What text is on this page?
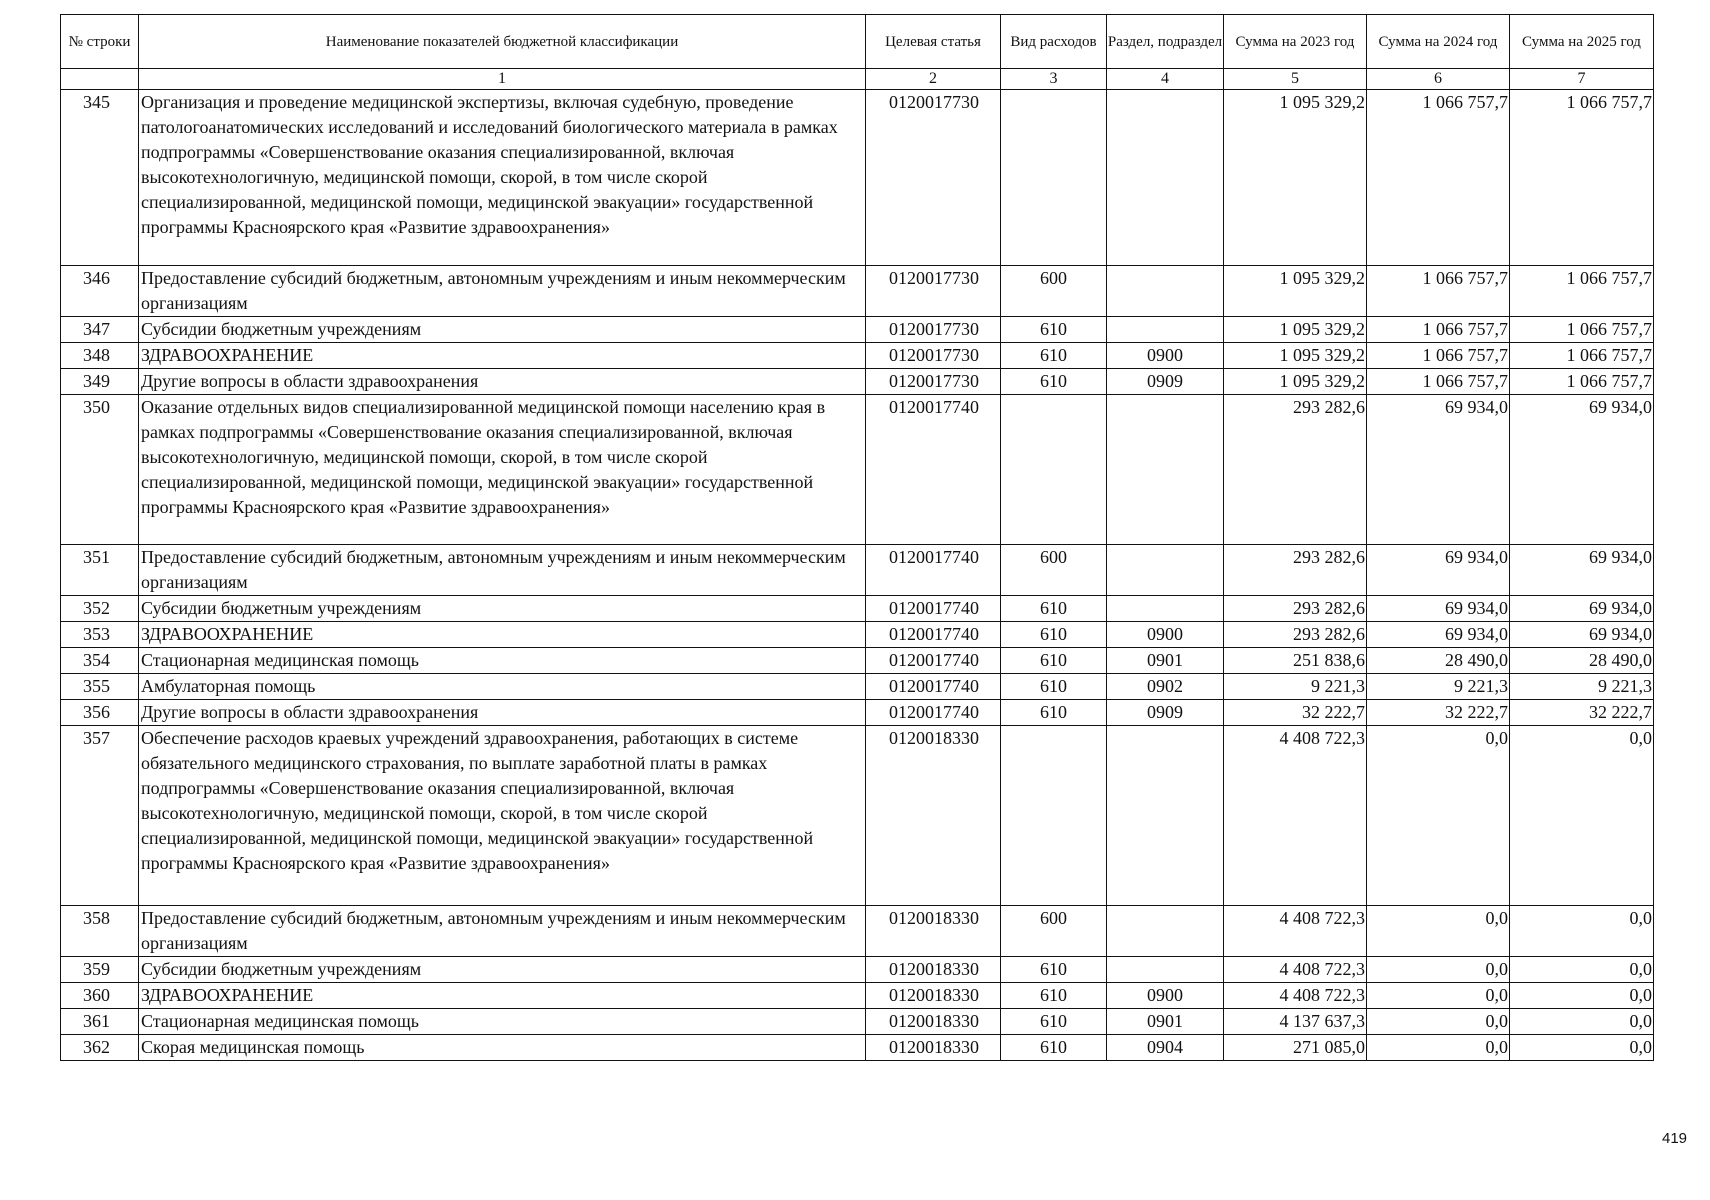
№ строки	Наименование показателей бюджетной классификации	Целевая статья	Вид расходов	Раздел, подраздел	Сумма на 2023 год	Сумма на 2024 год	Сумма на 2025 год
	1	2	3	4	5	6	7
345	Организация и проведение медицинской экспертизы, включая судебную, проведение патологоанатомических исследований и исследований биологического материала в рамках подпрограммы «Совершенствование оказания специализированной, включая высокотехнологичную, медицинской помощи, скорой, в том числе скорой специализированной, медицинской помощи, медицинской эвакуации» государственной программы Красноярского края «Развитие здравоохранения»	0120017730			1 095 329,2	1 066 757,7	1 066 757,7
346	Предоставление субсидий бюджетным, автономным учреждениям и иным некоммерческим организациям	0120017730	600		1 095 329,2	1 066 757,7	1 066 757,7
347	Субсидии бюджетным учреждениям	0120017730	610		1 095 329,2	1 066 757,7	1 066 757,7
348	ЗДРАВООХРАНЕНИЕ	0120017730	610	0900	1 095 329,2	1 066 757,7	1 066 757,7
349	Другие вопросы в области здравоохранения	0120017730	610	0909	1 095 329,2	1 066 757,7	1 066 757,7
350	Оказание отдельных видов специализированной медицинской помощи населению края в рамках подпрограммы «Совершенствование оказания специализированной, включая высокотехнологичную, медицинской помощи, скорой, в том числе скорой специализированной, медицинской помощи, медицинской эвакуации» государственной программы Красноярского края «Развитие здравоохранения»	0120017740			293 282,6	69 934,0	69 934,0
351	Предоставление субсидий бюджетным, автономным учреждениям и иным некоммерческим организациям	0120017740	600		293 282,6	69 934,0	69 934,0
352	Субсидии бюджетным учреждениям	0120017740	610		293 282,6	69 934,0	69 934,0
353	ЗДРАВООХРАНЕНИЕ	0120017740	610	0900	293 282,6	69 934,0	69 934,0
354	Стационарная медицинская помощь	0120017740	610	0901	251 838,6	28 490,0	28 490,0
355	Амбулаторная помощь	0120017740	610	0902	9 221,3	9 221,3	9 221,3
356	Другие вопросы в области здравоохранения	0120017740	610	0909	32 222,7	32 222,7	32 222,7
357	Обеспечение расходов краевых учреждений здравоохранения, работающих в системе обязательного медицинского страхования, по выплате заработной платы в рамках подпрограммы «Совершенствование оказания специализированной, включая высокотехнологичную, медицинской помощи, скорой, в том числе скорой специализированной, медицинской помощи, медицинской эвакуации» государственной программы Красноярского края «Развитие здравоохранения»	0120018330			4 408 722,3	0,0	0,0
358	Предоставление субсидий бюджетным, автономным учреждениям и иным некоммерческим организациям	0120018330	600		4 408 722,3	0,0	0,0
359	Субсидии бюджетным учреждениям	0120018330	610		4 408 722,3	0,0	0,0
360	ЗДРАВООХРАНЕНИЕ	0120018330	610	0900	4 408 722,3	0,0	0,0
361	Стационарная медицинская помощь	0120018330	610	0901	4 137 637,3	0,0	0,0
362	Скорая медицинская помощь	0120018330	610	0904	271 085,0	0,0	0,0
419
